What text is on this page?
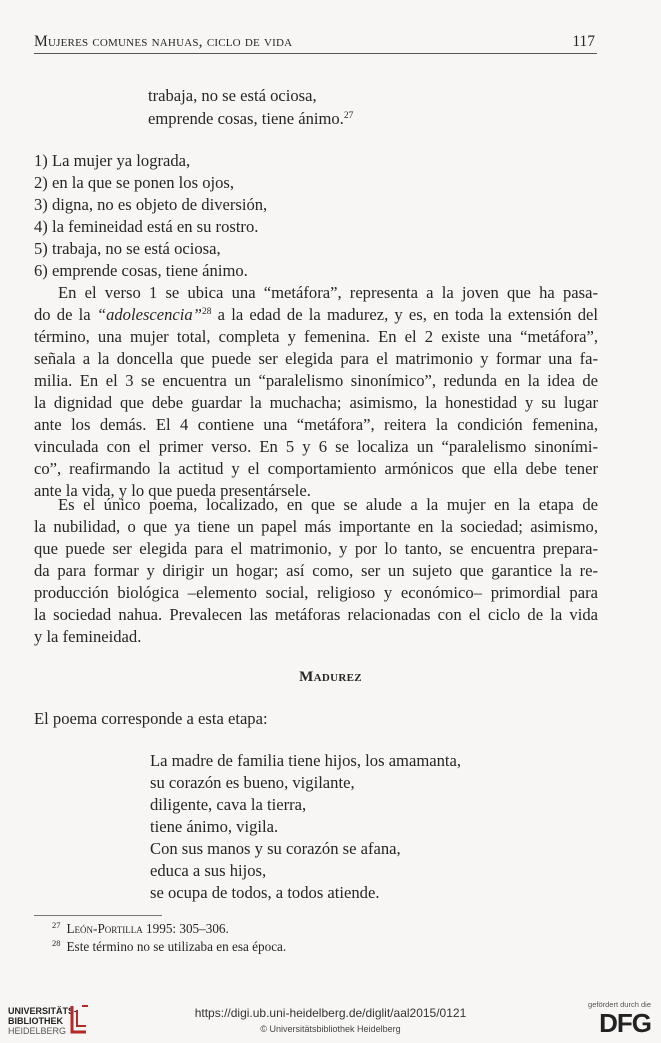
Mujeres comunes nahuas, ciclo de vida	117
trabaja, no se está ociosa,
emprende cosas, tiene ánimo.$^{27}$
1) La mujer ya lograda,
2) en la que se ponen los ojos,
3) digna, no es objeto de diversión,
4) la femineidad está en su rostro.
5) trabaja, no se está ociosa,
6) emprende cosas, tiene ánimo.
En el verso 1 se ubica una “metáfora”, representa a la joven que ha pasa-
do de la “adolescencia”$^{28}$ a la edad de la madurez, y es, en toda la extensión del
término, una mujer total, completa y femenina. En el 2 existe una “metáfora”,
señala a la doncella que puede ser elegida para el matrimonio y formar una fa-
milia. En el 3 se encuentra un “paralelismo sinonímico”, redunda en la idea de
la dignidad que debe guardar la muchacha; asimismo, la honestidad y su lugar
ante los demás. El 4 contiene una “metáfora”, reitera la condición femenina,
vinculada con el primer verso. En 5 y 6 se localiza un “paralelismo sinoními-
co”, reafirmando la actitud y el comportamiento armónicos que ella debe tener
ante la vida, y lo que pueda presentársele.
Es el único poema, localizado, en que se alude a la mujer en la etapa de
la nubilidad, o que ya tiene un papel más importante en la sociedad; asimismo,
que puede ser elegida para el matrimonio, y por lo tanto, se encuentra prepara-
da para formar y dirigir un hogar; así como, ser un sujeto que garantice la re-
producción biológica –elemento social, religioso y económico– primordial para
la sociedad nahua. Prevalecen las metáforas relacionadas con el ciclo de la vida
y la femineidad.
Madurez
El poema corresponde a esta etapa:
La madre de familia tiene hijos, los amamanta,
su corazón es bueno, vigilante,
diligente, cava la tierra,
tiene ánimo, vigila.
Con sus manos y su corazón se afana,
educa a sus hijos,
se ocupa de todos, a todos atiende.
$^{27}$ León-Portilla 1995: 305–306.
$^{28}$ Este término no se utilizaba en esa época.
UNIVERSITÄTS-
BIBLIOTHEK
HEIDELBERG
https://digi.ub.uni-heidelberg.de/diglit/aal2015/0121
© Universitätsbibliothek Heidelberg
gefördert durch die
DFG
